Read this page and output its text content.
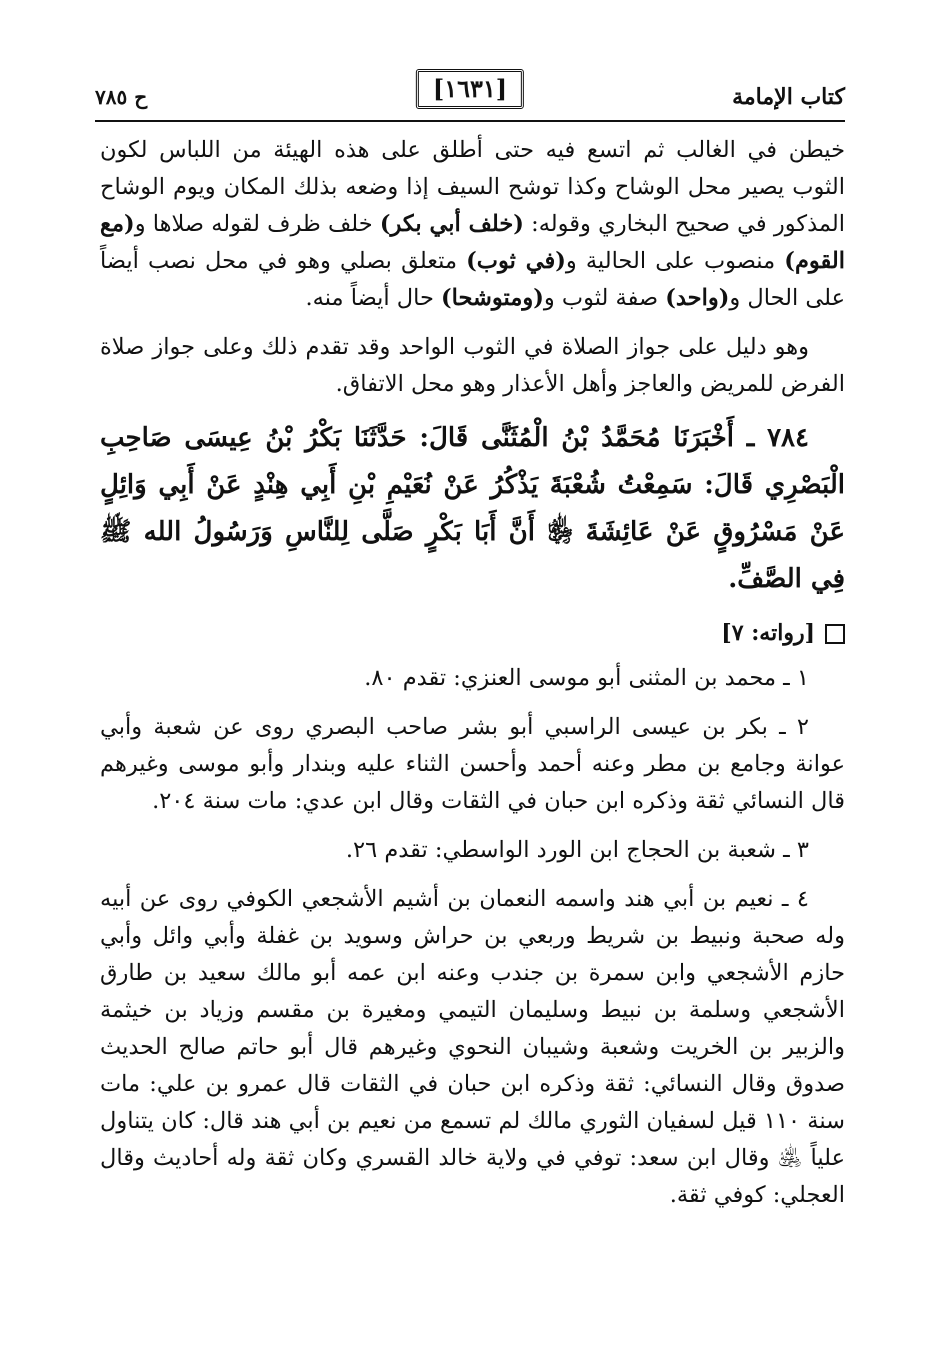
كتاب الإمامة
ح ٧٨٥	[١٦٣١]

خيطن في الغالب ثم اتسع فيه حتى أطلق على هذه الهيئة من اللباس لكون الثوب يصير محل الوشاح وكذا توشح السيف إذا وضعه بذلك المكان ويوم الوشاح المذكور في صحيح البخاري وقوله: (خلف أبي بكر) خلف ظرف لقوله صلاها و(مع القوم) منصوب على الحالية و(في ثوب) متعلق بصلي وهو في محل نصب أيضاً على الحال و(واحد) صفة لثوب و(ومتوشحا) حال أيضاً منه.

وهو دليل على جواز الصلاة في الثوب الواحد وقد تقدم ذلك وعلى جواز صلاة الفرض للمريض والعاجز وأهل الأعذار وهو محل الاتفاق.

٧٨٤ ـ أَخْبَرَنَا مُحَمَّدُ بْنُ الْمُثَنَّى قَالَ: حَدَّثَنَا بَكْرُ بْنُ عِيسَى صَاحِبِ الْبَصْرِي قَالَ: سَمِعْتُ شُعْبَةَ يَذْكُرُ عَنْ نُعَيْمِ بْنِ أَبِي هِنْدٍ عَنْ أَبِي وَائِلٍ عَنْ مَسْرُوقٍ عَنْ عَائِشَةَ ﵂ أَنَّ أَبَا بَكْرٍ صَلَّى لِلنَّاسِ وَرَسُولُ الله ﷺ فِي الصَّفِّ.

[رواته: ٧]

١ ـ محمد بن المثنى أبو موسى العنزي: تقدم ٨٠.

٢ ـ بكر بن عيسى الراسبي أبو بشر صاحب البصري روى عن شعبة وأبي عوانة وجامع بن مطر وعنه أحمد وأحسن الثناء عليه وبندار وأبو موسى وغيرهم قال النسائي ثقة وذكره ابن حبان في الثقات وقال ابن عدي: مات سنة ٢٠٤.

٣ ـ شعبة بن الحجاج ابن الورد الواسطي: تقدم ٢٦.

٤ ـ نعيم بن أبي هند واسمه النعمان بن أشيم الأشجعي الكوفي روى عن أبيه وله صحبة ونبيط بن شريط وربعي بن حراش وسويد بن غفلة وأبي وائل وأبي حازم الأشجعي وابن سمرة بن جندب وعنه ابن عمه أبو مالك سعيد بن طارق الأشجعي وسلمة بن نبيط وسليمان التيمي ومغيرة بن مقسم وزياد بن خيثمة والزبير بن الخريت وشعبة وشيبان النحوي وغيرهم قال أبو حاتم صالح الحديث صدوق وقال النسائي: ثقة وذكره ابن حبان في الثقات قال عمرو بن علي: مات سنة ١١٠ قيل لسفيان الثوري مالك لم تسمع من نعيم بن أبي هند قال: كان يتناول علياً ﵁ وقال ابن سعد: توفي في ولاية خالد القسري وكان ثقة وله أحاديث وقال العجلي: كوفي ثقة.
